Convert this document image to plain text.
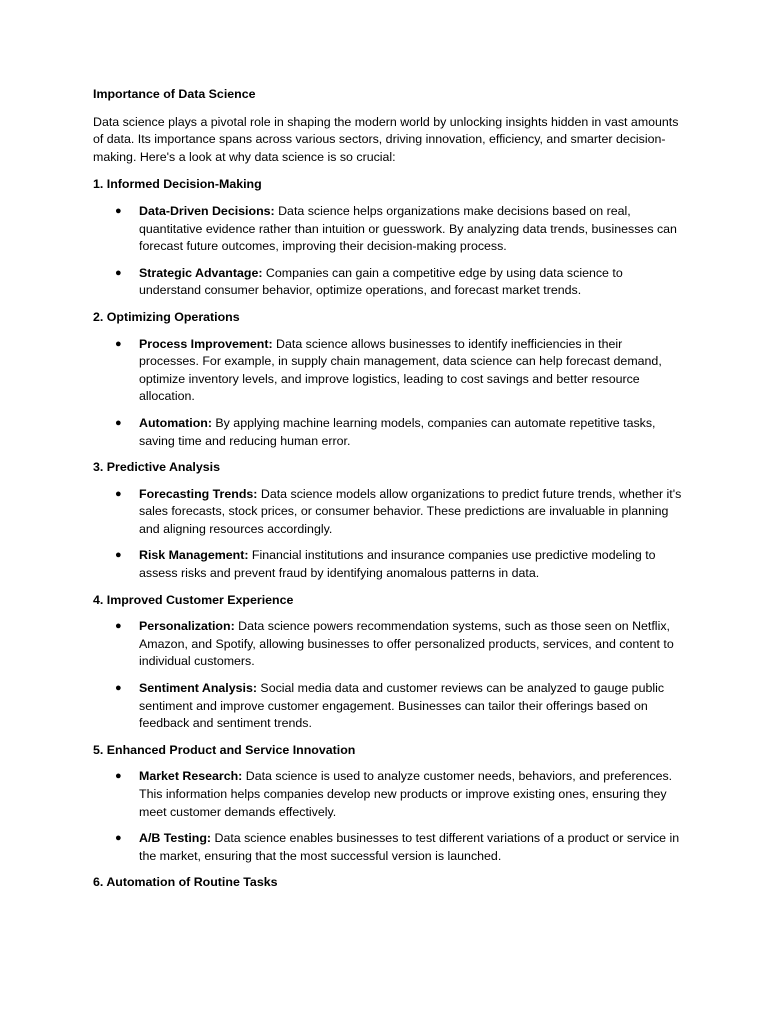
Importance of Data Science
Data science plays a pivotal role in shaping the modern world by unlocking insights hidden in vast amounts of data. Its importance spans across various sectors, driving innovation, efficiency, and smarter decision-making. Here's a look at why data science is so crucial:
1. Informed Decision-Making
● Data-Driven Decisions: Data science helps organizations make decisions based on real, quantitative evidence rather than intuition or guesswork. By analyzing data trends, businesses can forecast future outcomes, improving their decision-making process.
● Strategic Advantage: Companies can gain a competitive edge by using data science to understand consumer behavior, optimize operations, and forecast market trends.
2. Optimizing Operations
● Process Improvement: Data science allows businesses to identify inefficiencies in their processes. For example, in supply chain management, data science can help forecast demand, optimize inventory levels, and improve logistics, leading to cost savings and better resource allocation.
● Automation: By applying machine learning models, companies can automate repetitive tasks, saving time and reducing human error.
3. Predictive Analysis
● Forecasting Trends: Data science models allow organizations to predict future trends, whether it's sales forecasts, stock prices, or consumer behavior. These predictions are invaluable in planning and aligning resources accordingly.
● Risk Management: Financial institutions and insurance companies use predictive modeling to assess risks and prevent fraud by identifying anomalous patterns in data.
4. Improved Customer Experience
● Personalization: Data science powers recommendation systems, such as those seen on Netflix, Amazon, and Spotify, allowing businesses to offer personalized products, services, and content to individual customers.
● Sentiment Analysis: Social media data and customer reviews can be analyzed to gauge public sentiment and improve customer engagement. Businesses can tailor their offerings based on feedback and sentiment trends.
5. Enhanced Product and Service Innovation
● Market Research: Data science is used to analyze customer needs, behaviors, and preferences. This information helps companies develop new products or improve existing ones, ensuring they meet customer demands effectively.
● A/B Testing: Data science enables businesses to test different variations of a product or service in the market, ensuring that the most successful version is launched.
6. Automation of Routine Tasks
